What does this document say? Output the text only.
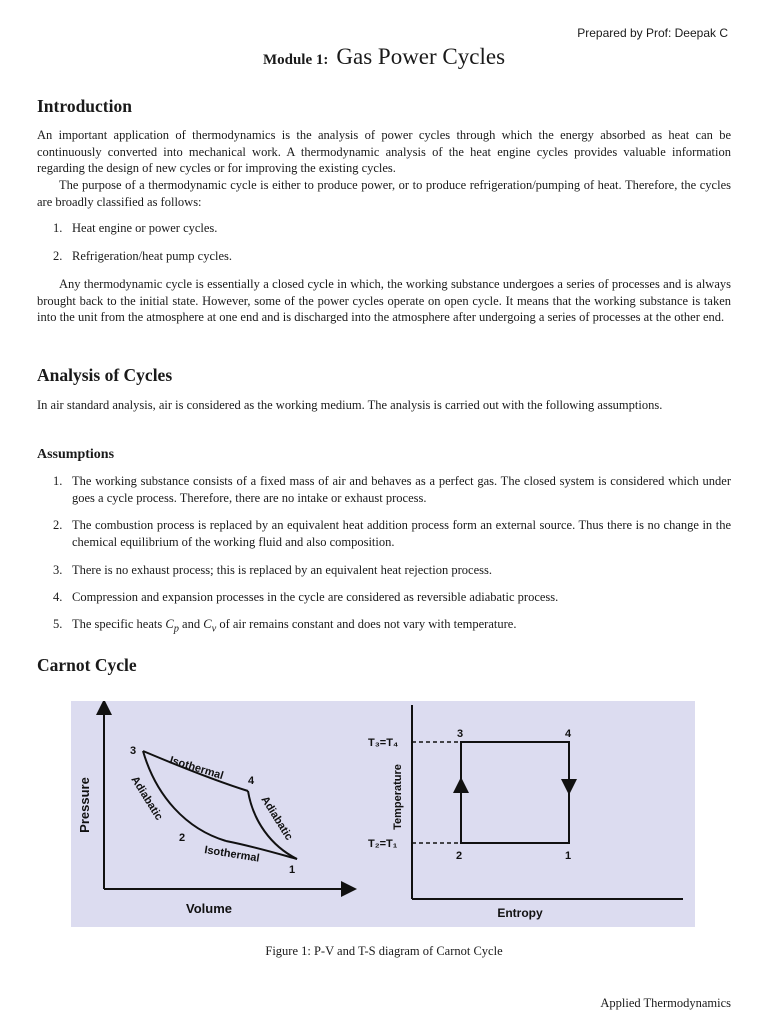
Prepared by Prof: Deepak C
Module 1: Gas Power Cycles
Introduction

An important application of thermodynamics is the analysis of power cycles through which the energy absorbed as heat can be continuously converted into mechanical work. A thermodynamic analysis of the heat engine cycles provides valuable information regarding the design of new cycles or for improving the existing cycles.

The purpose of a thermodynamic cycle is either to produce power, or to produce refrigeration/pumping of heat. Therefore, the cycles are broadly classified as follows:

1. Heat engine or power cycles.
2. Refrigeration/heat pump cycles.

Any thermodynamic cycle is essentially a closed cycle in which, the working substance undergoes a series of processes and is always brought back to the initial state. However, some of the power cycles operate on open cycle. It means that the working substance is taken into the unit from the atmosphere at one end and is discharged into the atmosphere after undergoing a series of processes at the other end.

Analysis of Cycles

In air standard analysis, air is considered as the working medium. The analysis is carried out with the following assumptions.

Assumptions
1. The working substance consists of a fixed mass of air and behaves as a perfect gas. The closed system is considered which under goes a cycle process. Therefore, there are no intake or exhaust process.
2. The combustion process is replaced by an equivalent heat addition process form an external source. Thus there is no change in the chemical equilibrium of the working fluid and also composition.
3. There is no exhaust process; this is replaced by an equivalent heat rejection process.
4. Compression and expansion processes in the cycle are considered as reversible adiabatic process.
5. The specific heats $C_p$ and $C_v$ of air remains constant and does not vary with temperature.
Carnot Cycle
Pressure
Volume
3
4
2
1
Isothermal
Isothermal
Adiabatic	Adiabatic	Temperature
Entropy
T₃=T₄
T₂=T₁
3	4
2	1
Figure 1: P-V and T-S diagram of Carnot Cycle
Applied Thermodynamics
